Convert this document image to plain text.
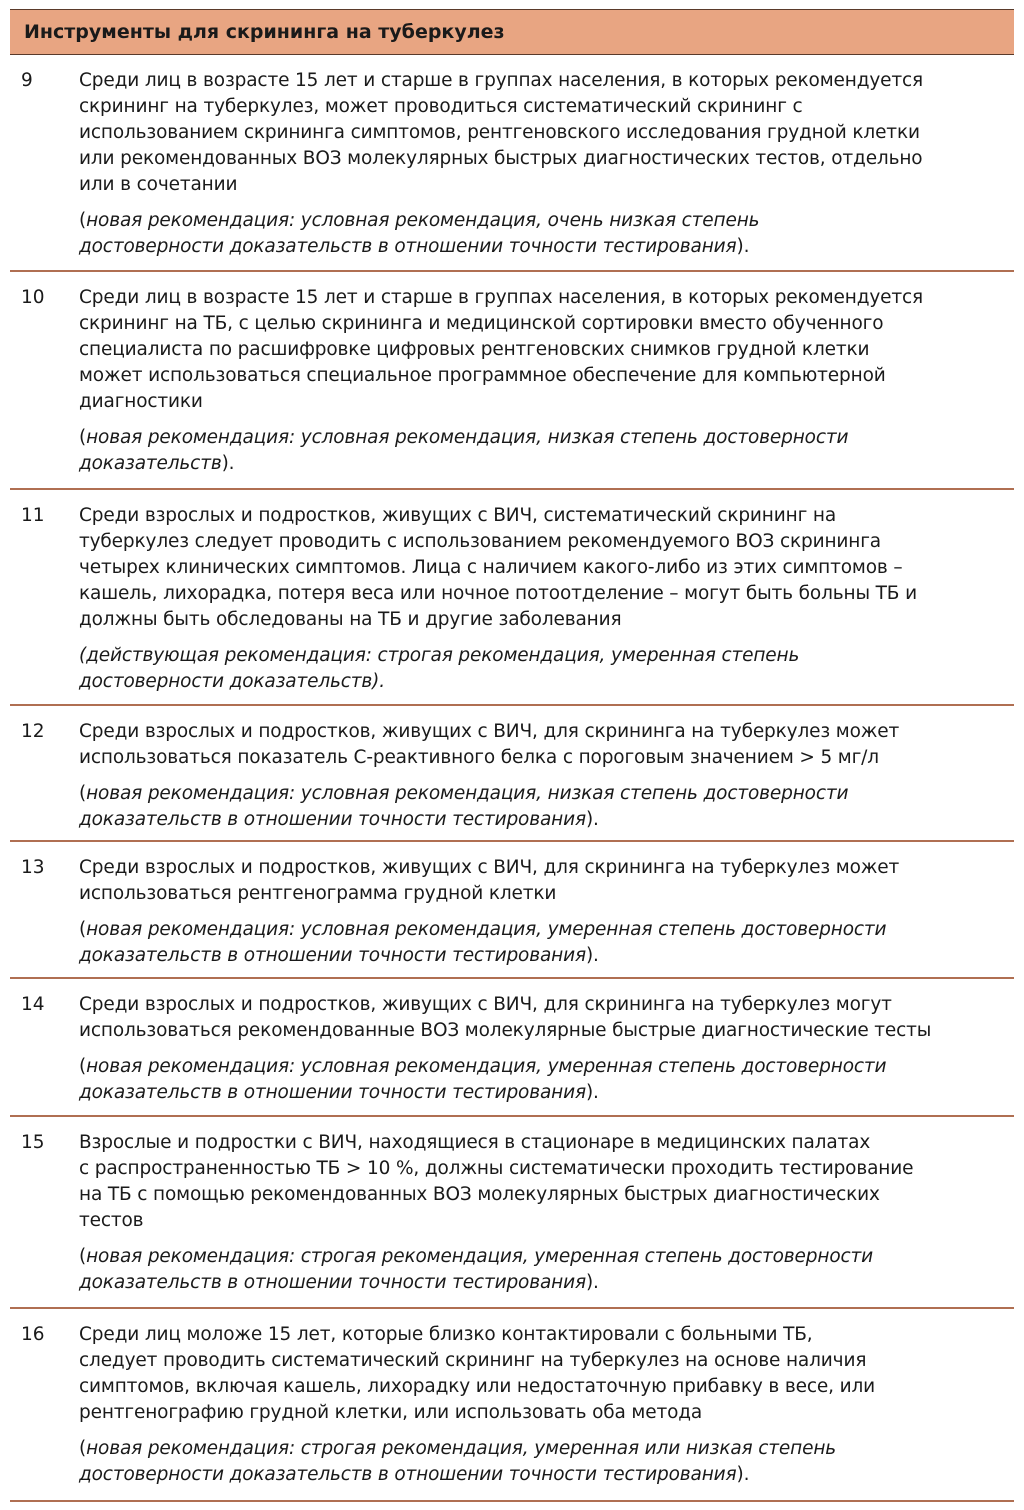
Инструменты для скрининга на туберкулез
9 Среди лиц в возрасте 15 лет и старше в группах населения, в которых рекомендуется
скрининг на туберкулез, может проводиться систематический скрининг с
использованием скрининга симптомов, рентгеновского исследования грудной клетки
или рекомендованных ВОЗ молекулярных быстрых диагностических тестов, отдельно
или в сочетании

(новая рекомендация: условная рекомендация, очень низкая степень
достоверности доказательств в отношении точности тестирования).

10 Среди лиц в возрасте 15 лет и старше в группах населения, в которых рекомендуется
скрининг на ТБ, с целью скрининга и медицинской сортировки вместо обученного
специалиста по расшифровке цифровых рентгеновских снимков грудной клетки
может использоваться специальное программное обеспечение для компьютерной
диагностики

(новая рекомендация: условная рекомендация, низкая степень достоверности
доказательств).

11 Среди взрослых и подростков, живущих с ВИЧ, систематический скрининг на
туберкулез следует проводить с использованием рекомендуемого ВОЗ скрининга
четырех клинических симптомов. Лица с наличием какого-либо из этих симптомов –
кашель, лихорадка, потеря веса или ночное потоотделение – могут быть больны ТБ и
должны быть обследованы на ТБ и другие заболевания

(действующая рекомендация: строгая рекомендация, умеренная степень
достоверности доказательств).

12 Среди взрослых и подростков, живущих с ВИЧ, для скрининга на туберкулез может
использоваться показатель С-реактивного белка с пороговым значением > 5 мг/л

(новая рекомендация: условная рекомендация, низкая степень достоверности
доказательств в отношении точности тестирования).

13 Среди взрослых и подростков, живущих с ВИЧ, для скрининга на туберкулез может
использоваться рентгенограмма грудной клетки

(новая рекомендация: условная рекомендация, умеренная степень достоверности
доказательств в отношении точности тестирования).

14 Среди взрослых и подростков, живущих с ВИЧ, для скрининга на туберкулез могут
использоваться рекомендованные ВОЗ молекулярные быстрые диагностические тесты

(новая рекомендация: условная рекомендация, умеренная степень достоверности
доказательств в отношении точности тестирования).

15 Взрослые и подростки с ВИЧ, находящиеся в стационаре в медицинских палатах
с распространенностью ТБ > 10 %, должны систематически проходить тестирование
на ТБ с помощью рекомендованных ВОЗ молекулярных быстрых диагностических
тестов

(новая рекомендация: строгая рекомендация, умеренная степень достоверности
доказательств в отношении точности тестирования).

16 Среди лиц моложе 15 лет, которые близко контактировали с больными ТБ,
следует проводить систематический скрининг на туберкулез на основе наличия
симптомов, включая кашель, лихорадку или недостаточную прибавку в весе, или
рентгенографию грудной клетки, или использовать оба метода

(новая рекомендация: строгая рекомендация, умеренная или низкая степень
достоверности доказательств в отношении точности тестирования).
